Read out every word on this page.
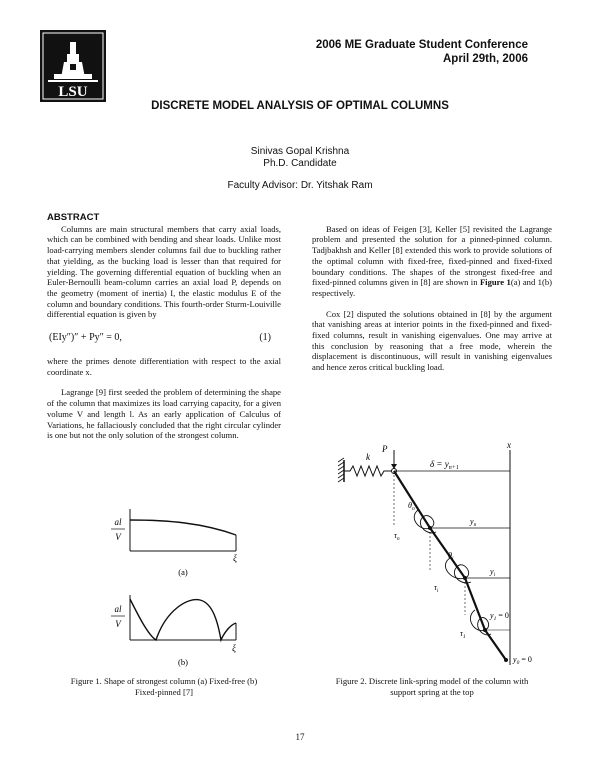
LSU
2006 ME Graduate Student Conference
April 29th, 2006
DISCRETE MODEL ANALYSIS OF OPTIMAL COLUMNS
Sinivas Gopal Krishna
Ph.D. Candidate
Faculty Advisor: Dr. Yitshak Ram
ABSTRACT

Columns are main structural members that carry axial loads, which can be combined with bending and shear loads. Unlike most load-carrying members slender columns fail due to buckling rather that yielding, as the bucking load is lesser than that required for yielding. The governing differential equation of buckling when an Euler-Bernoulli beam-column carries an axial load P, depends on the geometry (moment of inertia) I, the elastic modulus E of the column and boundary conditions. This fourth-order Sturm-Louiville differential equation is given by

(EIy″)″ + Py″ = 0,	(1)

where the primes denote differentiation with respect to the axial coordinate x.

Lagrange [9] first seeded the problem of determining the shape of the column that maximizes its load carrying capacity, for a given volume V and length l. As an early application of Calculus of Variations, he fallaciously concluded that the right circular cylinder is one but not the only solution of the strongest column.

al
V
ξ
(a)
al
V
ξ
(b)
Figure 1. Shape of strongest column (a) Fixed-free (b)
Fixed-pinned [7]

Based on ideas of Feigen [3], Keller [5] revisited the Lagrange problem and presented the solution for a pinned-pinned column. Tadjbakhsh and Keller [8] extended this work to provide solutions of the optimal column with fixed-free, fixed-pinned and fixed-fixed boundary conditions. The shapes of the strongest fixed-free and fixed-pinned columns given in [8] are shown in Figure 1(a) and 1(b) respectively.

Cox [2] disputed the solutions obtained in [8] by the argument that vanishing areas at interior points in the fixed-pinned and fixed-fixed columns, result in vanishing eigenvalues. One may arrive at this conclusion by reasoning that a free mode, wherein the displacement is discontinuous, will result in vanishing eigenvalues and hence zeros critical buckling load.

k
P
$\delta = y_{n+1}$
x
$y_n$
$y_i$
$\theta_n$
$\tau_n$
$\theta_i$
$\tau_i$
$\tau_1$
$y_1 = 0$
$y_0 = 0$
Figure 2. Discrete link-spring model of the column with
support spring at the top
17
